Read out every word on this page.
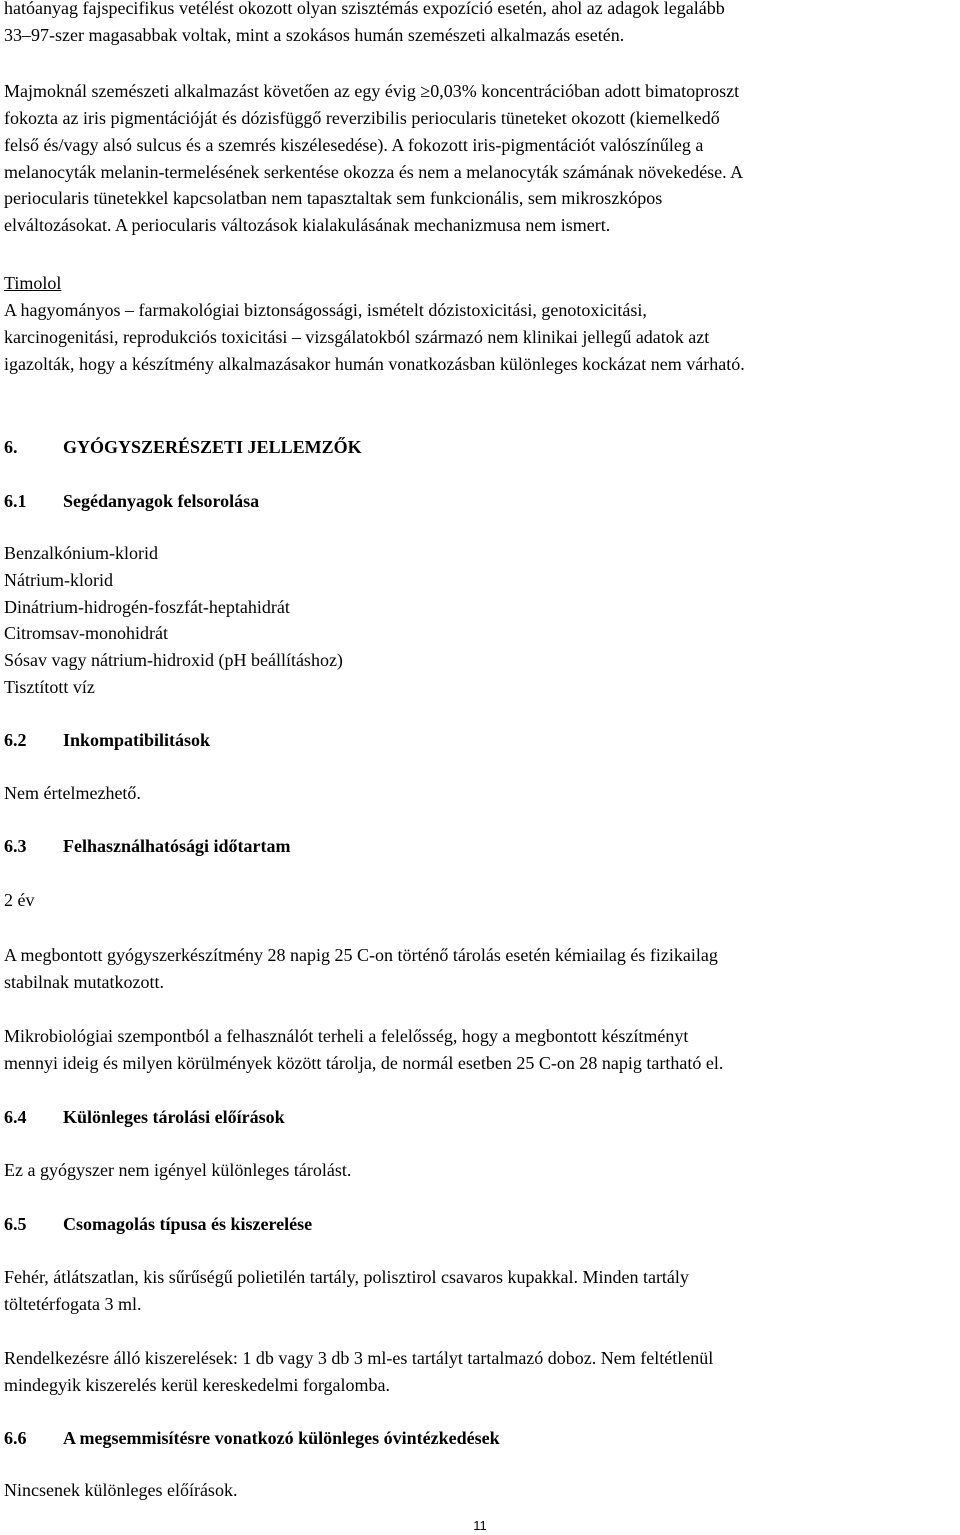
hatóanyag fajspecifikus vetélést okozott olyan szisztémás expozíció esetén, ahol az adagok legalább

33–97-szer magasabbak voltak, mint a szokásos humán szemészeti alkalmazás esetén.

Majmoknál szemészeti alkalmazást követően az egy évig ≥0,03% koncentrációban adott bimatoproszt

fokozta az iris pigmentációját és dózisfüggő reverzibilis periocularis tüneteket okozott (kiemelkedő

felső és/vagy alsó sulcus és a szemrés kiszélesedése). A fokozott iris-pigmentációt valószínűleg a

melanocyták melanin-termelésének serkentése okozza és nem a melanocyták számának növekedése. A

periocularis tünetekkel kapcsolatban nem tapasztaltak sem funkcionális, sem mikroszkópos

elváltozásokat. A periocularis változások kialakulásának mechanizmusa nem ismert.

Timolol

A hagyományos – farmakológiai biztonságossági, ismételt dózistoxicitási, genotoxicitási,

karcinogenitási, reprodukciós toxicitási – vizsgálatokból származó nem klinikai jellegű adatok azt

igazolták, hogy a készítmény alkalmazásakor humán vonatkozásban különleges kockázat nem várható.

6.	GYÓGYSZERÉSZETI JELLEMZŐK

6.1 Segédanyagok felsorolása

Benzalkónium-klorid
Nátrium-klorid
Dinátrium-hidrogén-foszfát-heptahidrát
Citromsav-monohidrát
Sósav vagy nátrium-hidroxid (pH beállításhoz)
Tisztított víz

6.2 Inkompatibilitások

Nem értelmezhető.

6.3 Felhasználhatósági időtartam

2 év

A megbontott gyógyszerkészítmény 28 napig 25 C-on történő tárolás esetén kémiailag és fizikailag

stabilnak mutatkozott.

Mikrobiológiai szempontból a felhasználót terheli a felelősség, hogy a megbontott készítményt

mennyi ideig és milyen körülmények között tárolja, de normál esetben 25 C-on 28 napig tartható el.

6.4 Különleges tárolási előírások

Ez a gyógyszer nem igényel különleges tárolást.

6.5 Csomagolás típusa és kiszerelése

Fehér, átlátszatlan, kis sűrűségű polietilén tartály, polisztirol csavaros kupakkal. Minden tartály

töltetérfogata 3 ml.

Rendelkezésre álló kiszerelések: 1 db vagy 3 db 3 ml-es tartályt tartalmazó doboz. Nem feltétlenül

mindegyik kiszerelés kerül kereskedelmi forgalomba.

6.6 A megsemmisítésre vonatkozó különleges óvintézkedések

Nincsenek különleges előírások.

11
